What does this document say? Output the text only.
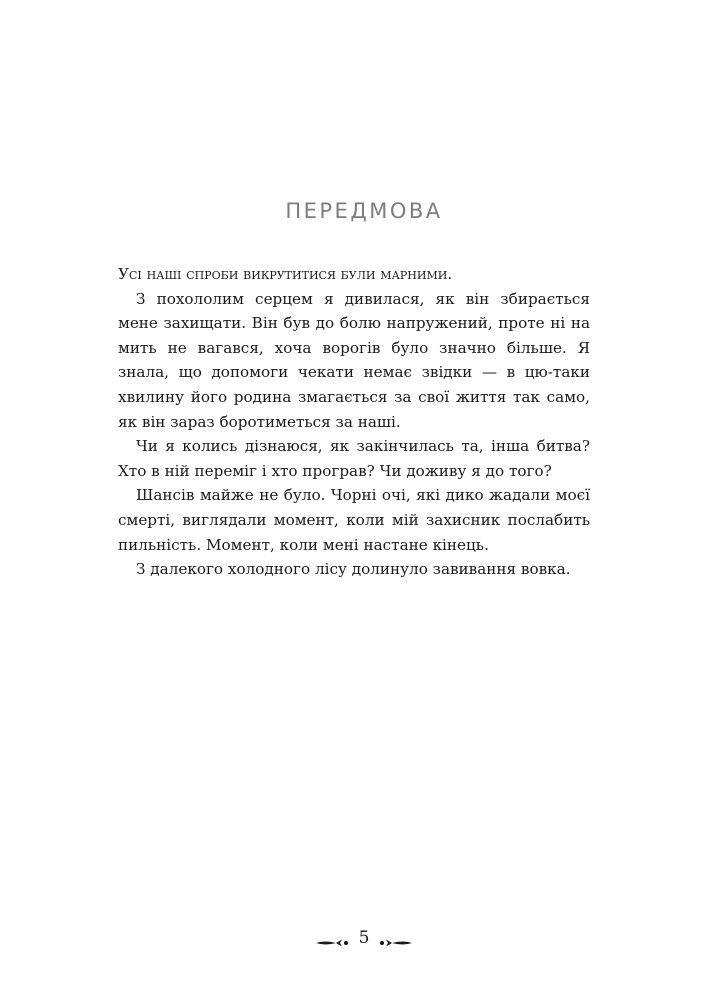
ПЕРЕДМОВА

Усі наші спроби викрутитися були марними.

З похололим серцем я дивилася, як він збирається мене захищати. Він був до болю напружений, проте ні на мить не вагався, хоча ворогів було значно більше. Я знала, що допомоги чекати немає звідки — в цю-таки хвилину його родина змагається за свої життя так само, як він зараз боротиметься за наші.

Чи я колись дізнаюся, як закінчилась та, інша битва? Хто в ній переміг і хто програв? Чи доживу я до того?

Шансів майже не було. Чорні очі, які дико жадали моєї смерті, виглядали момент, коли мій захисник послабить пильність. Момент, коли мені настане кінець.

З далекого холодного лісу долинуло завивання вовка.

5
